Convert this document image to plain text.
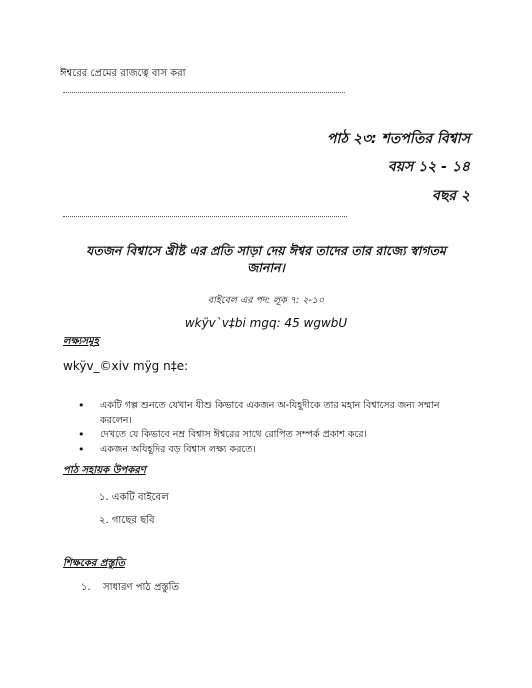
ঈশ্বরের প্রেমের রাজত্বে বাস করা
পাঠ ২৩: শতপতির বিশ্বাস
বয়স ১২ - ১৪
বছর ২
যতজন বিশ্বাসে খ্রীষ্ট এর প্রতি সাড়া দেয় ঈশ্বর তাদের তার রাজ্যে স্বাগতম জানান।
বাইবেল এর পদ: লূক ৭: ২-১০
wkÿv`v‡bi mgq: 45 wgwbU
লক্ষ্যসমূহ
wkÿv_©xiv mÿg n‡e:
• একটি গল্প শুনতে যেখান যীশু কিভাবে একজন অ-যিহূদীকে তার মহান বিশ্বাসের জন্য সম্মান করলেন।
• দেখতে যে কিভাবে নম্র বিশ্বাস ঈশ্বরের সাথে রোপিত সম্পর্ক প্রকাশ করে।
• একজন অযিহূদির বড় বিশ্বাস লক্ষ্য করতে।
পাঠ সহায়ক উপকরণ
১. একটি বাইবেল
২. গাছের ছবি
শিক্ষকের প্রস্তুতি
১. সাধারণ পাঠ প্রস্তুতি
